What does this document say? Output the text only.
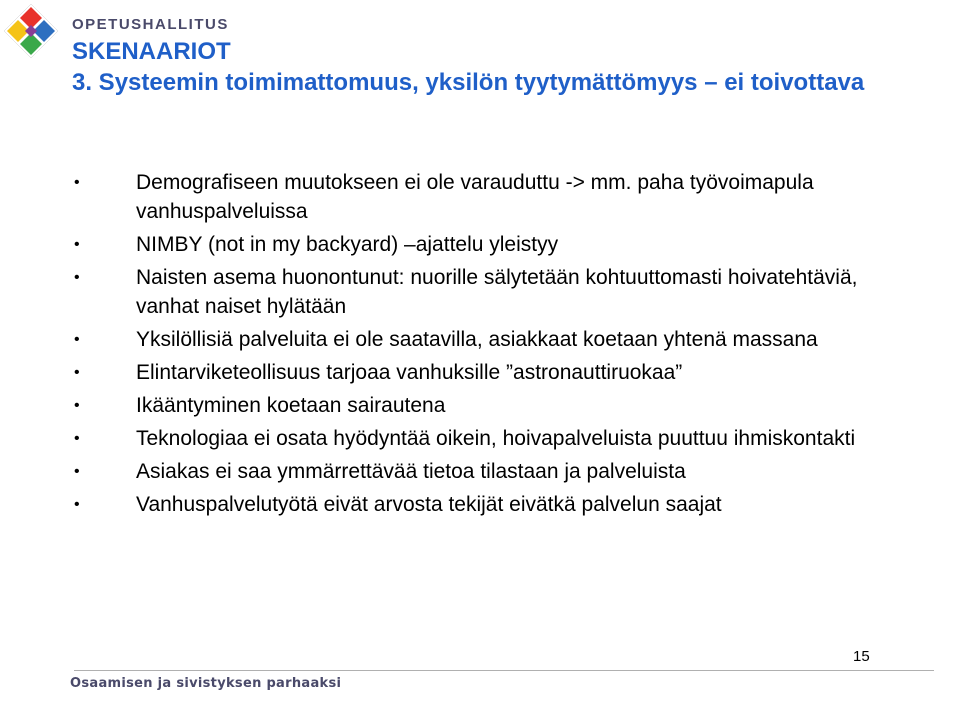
OPETUSHALLITUS
SKENAARIOT
3. Systeemin toimimattomuus, yksilön tyytymättömyys – ei toivottava
•	Demografiseen muutokseen ei ole varauduttu -> mm. paha työvoimapula vanhuspalveluissa
•	NIMBY (not in my backyard) –ajattelu yleistyy
•	Naisten asema huonontunut: nuorille sälytetään kohtuuttomasti hoivatehtäviä, vanhat naiset hylätään
•	Yksilöllisiä palveluita ei ole saatavilla, asiakkaat koetaan yhtenä massana
•	Elintarviketeollisuus tarjoaa vanhuksille ”astronauttiruokaa”
•	Ikääntyminen koetaan sairautena
•	Teknologiaa ei osata hyödyntää oikein, hoivapalveluista puuttuu ihmiskontakti
•	Asiakas ei saa ymmärrettävää tietoa tilastaan ja palveluista
•	Vanhuspalvelutyötä eivät arvosta tekijät eivätkä palvelun saajat
15
Osaamisen ja sivistyksen parhaaksi
